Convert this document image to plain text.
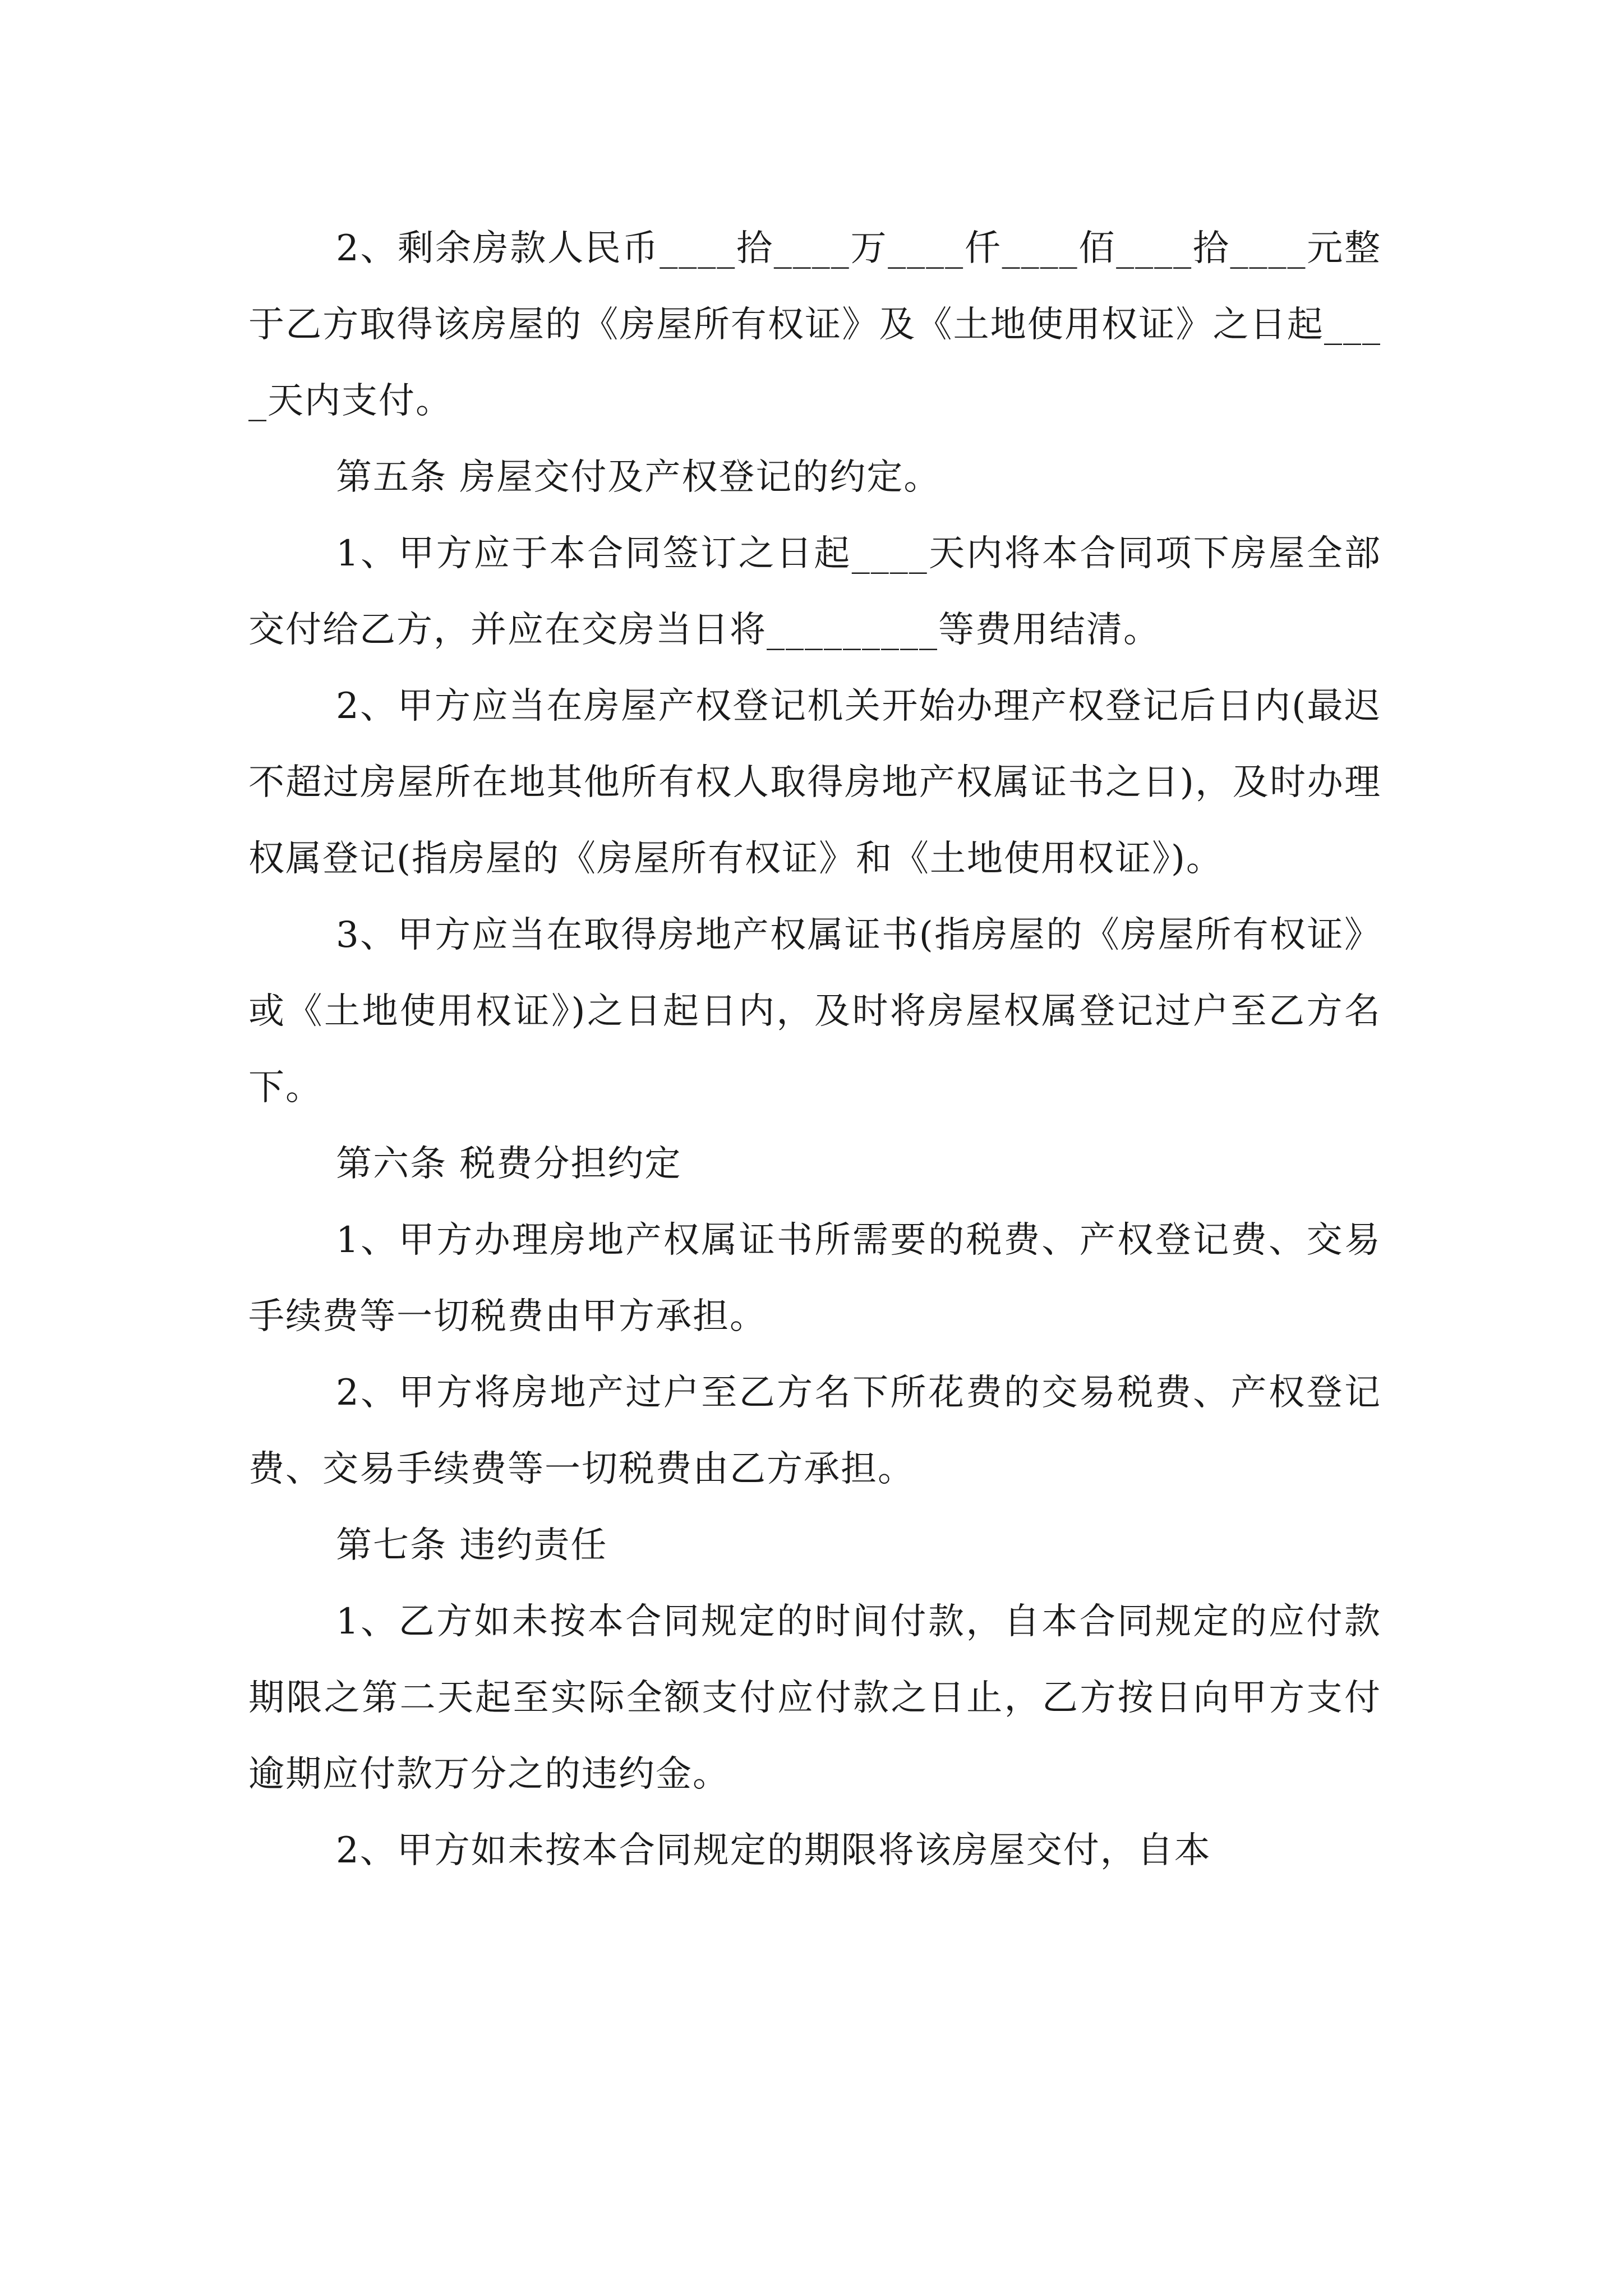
2、剩余房款人民币____拾____万____仟____佰____拾____元整于乙方取得该房屋的《房屋所有权证》及《土地使用权证》之日起____天内支付。

第五条 房屋交付及产权登记的约定。

1、甲方应于本合同签订之日起____天内将本合同项下房屋全部交付给乙方，并应在交房当日将_________等费用结清。

2、甲方应当在房屋产权登记机关开始办理产权登记后日内(最迟不超过房屋所在地其他所有权人取得房地产权属证书之日)，及时办理权属登记(指房屋的《房屋所有权证》和《土地使用权证》)。

3、甲方应当在取得房地产权属证书(指房屋的《房屋所有权证》或《土地使用权证》)之日起日内，及时将房屋权属登记过户至乙方名下。

第六条 税费分担约定

1、甲方办理房地产权属证书所需要的税费、产权登记费、交易手续费等一切税费由甲方承担。

2、甲方将房地产过户至乙方名下所花费的交易税费、产权登记费、交易手续费等一切税费由乙方承担。

第七条 违约责任

1、乙方如未按本合同规定的时间付款，自本合同规定的应付款期限之第二天起至实际全额支付应付款之日止，乙方按日向甲方支付逾期应付款万分之的违约金。

2、甲方如未按本合同规定的期限将该房屋交付，自本
